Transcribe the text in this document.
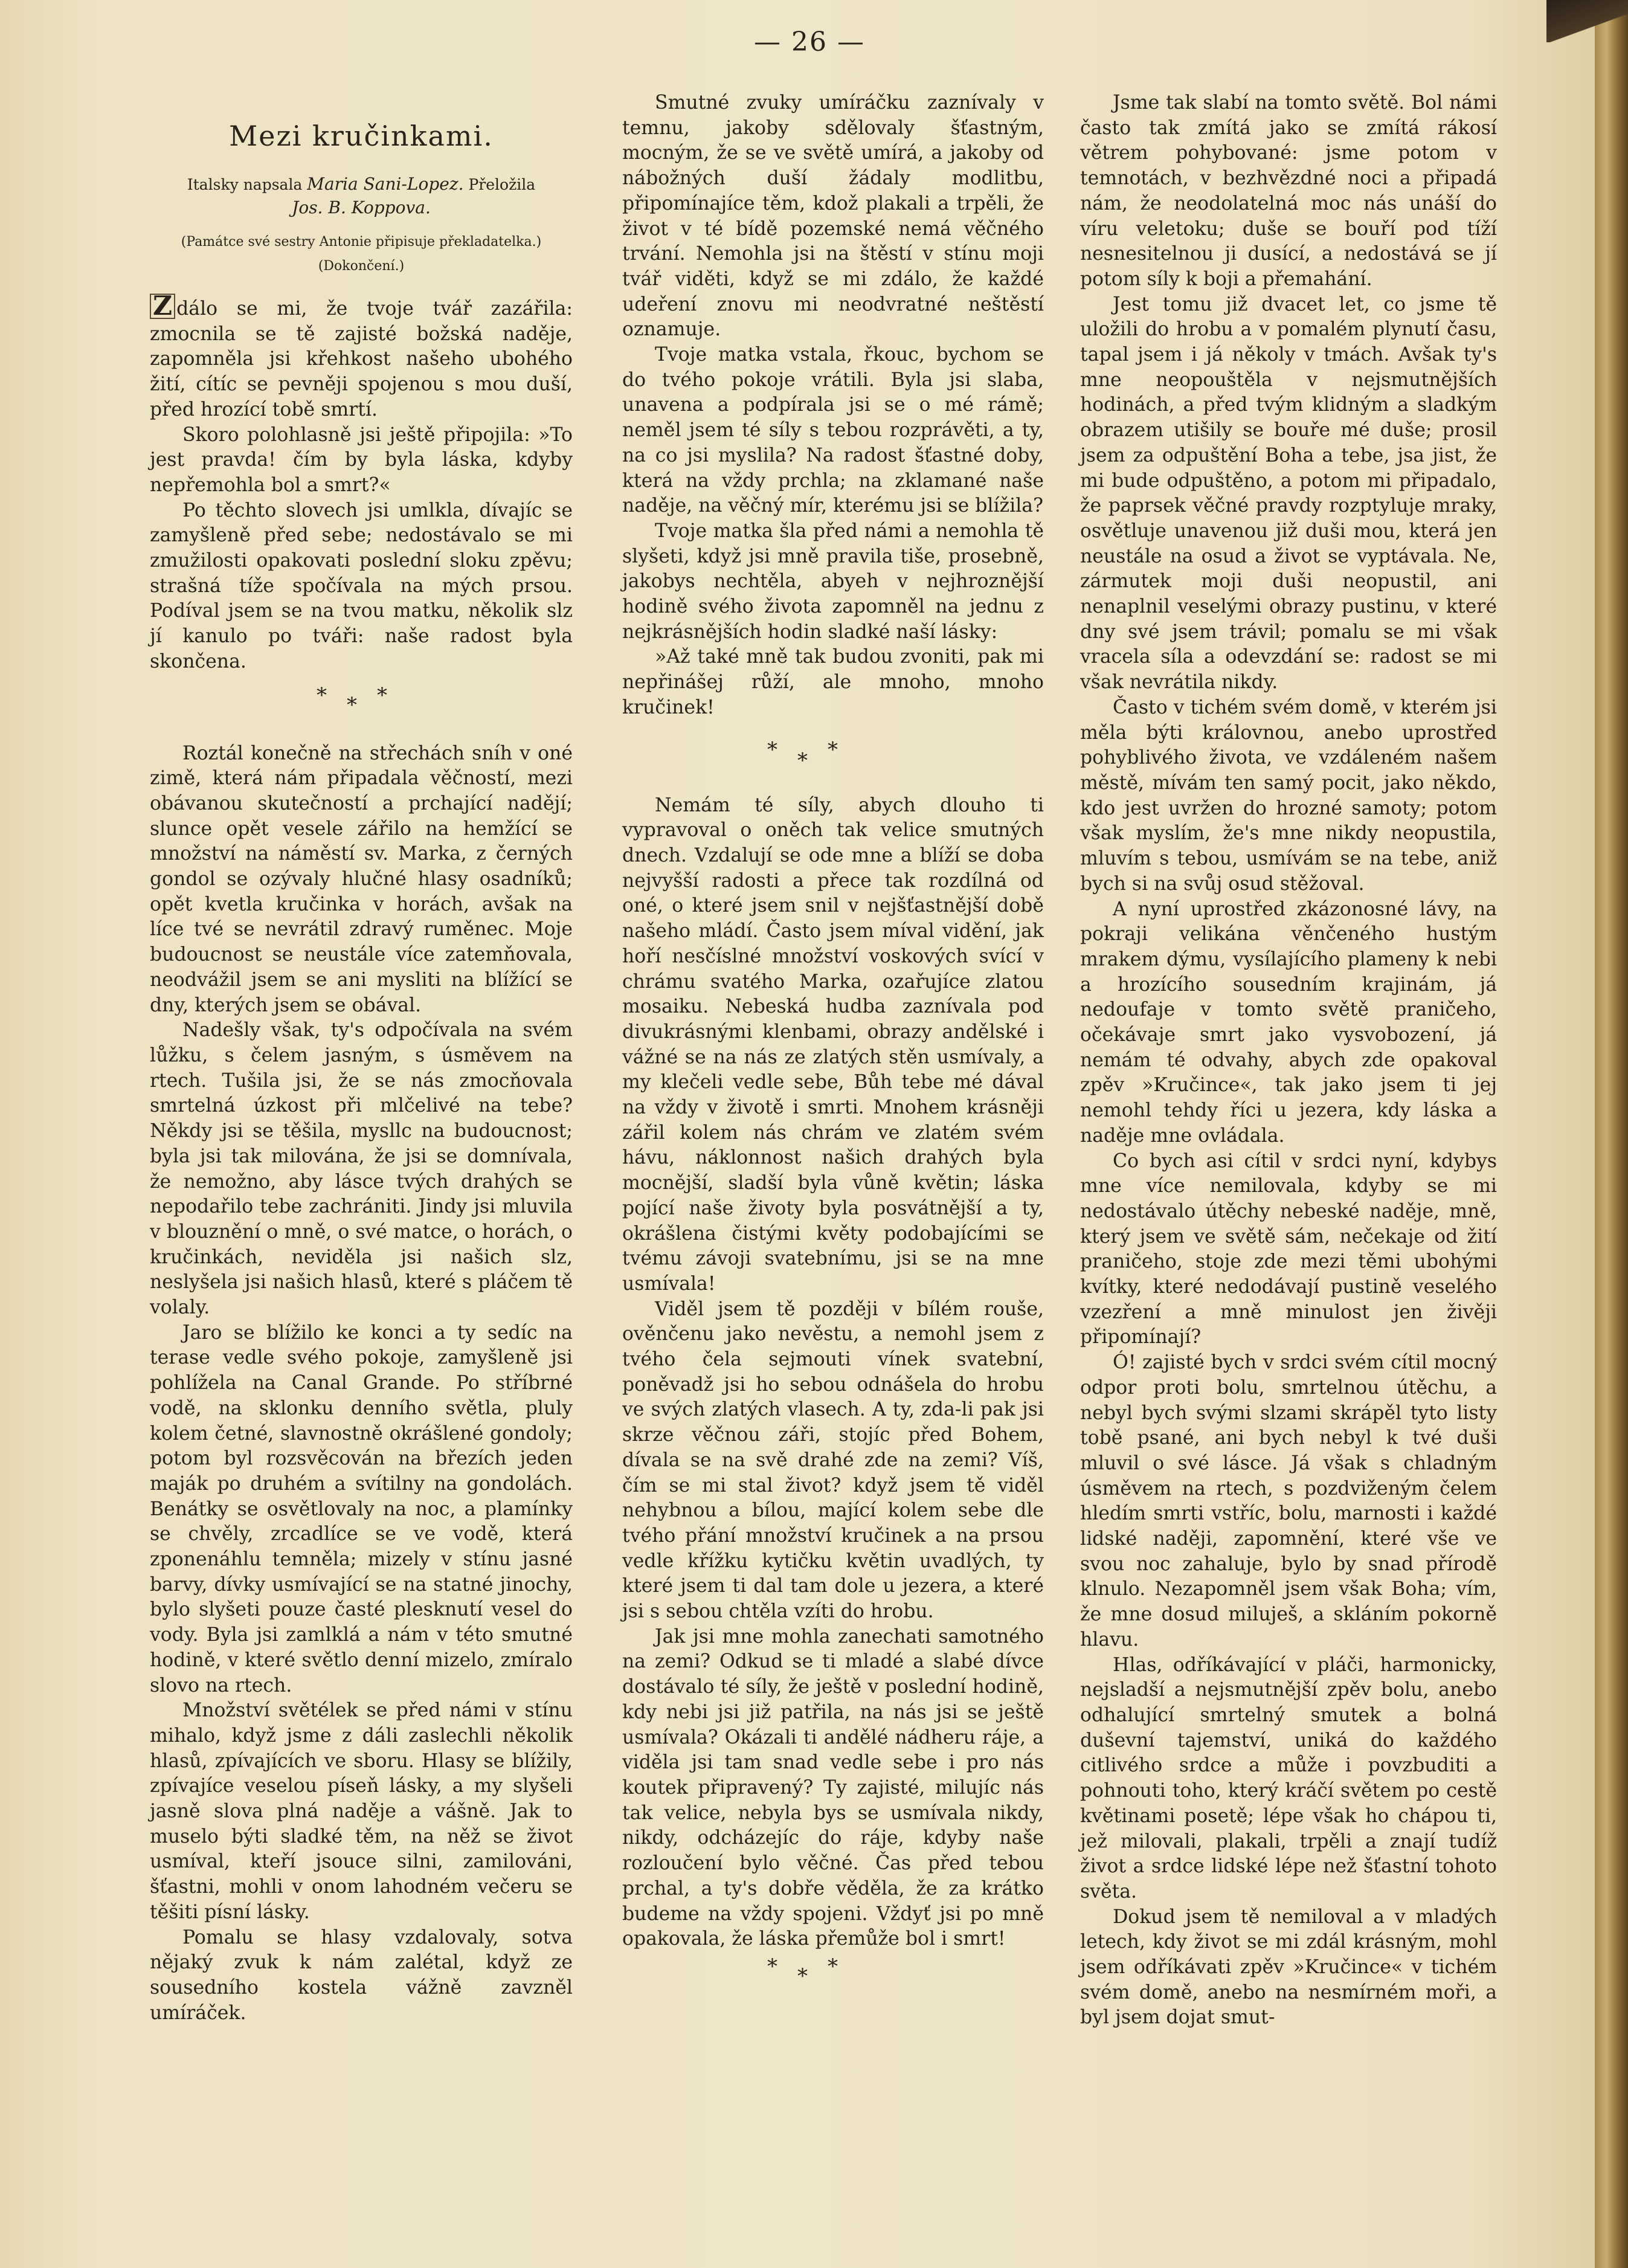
— 26 —
Mezi kručinkami.
Italsky napsala Maria Sani-Lopez. Přeložila
Jos. B. Koppova.
(Památce své sestry Antonie připisuje překladatelka.)
(Dokončení.)

Z dálo se mi, že tvoje tvář zazářila: zmocnila se tě zajisté božská naděje, zapomněla jsi křehkost našeho ubohého žití, cítíc se pevněji spojenou s mou duší, před hrozící tobě smrtí.

Skoro polohlasně jsi ještě připojila: »To jest pravda! čím by byla láska, kdyby nepřemohla bol a smrt?«

Po těchto slovech jsi umlkla, dívajíc se zamyšleně před sebe; nedostávalo se mi zmužilosti opakovati poslední sloku zpěvu; strašná tíže spočívala na mých prsou. Podíval jsem se na tvou matku, několik slz jí kanulo po tváři: naše radost byla skončena.

* * *

Roztál konečně na střechách sníh v oné zimě, která nám připadala věčností, mezi obávanou skutečností a prchající nadějí; slunce opět vesele zářilo na hemžící se množství na náměstí sv. Marka, z černých gondol se ozývaly hlučné hlasy osadníků; opět kvetla kručinka v horách, avšak na líce tvé se nevrátil zdravý ruměnec. Moje budoucnost se neustále více zatemňovala, neodvážil jsem se ani mysliti na blížící se dny, kterých jsem se obával.

Nadešly však, ty's odpočívala na svém lůžku, s čelem jasným, s úsměvem na rtech. Tušila jsi, že se nás zmocňovala smrtelná úzkost při mlčelivé na tebe? Někdy jsi se těšila, mysllc na budoucnost; byla jsi tak milována, že jsi se domnívala, že nemožno, aby lásce tvých drahých se nepodařilo tebe zachrániti. Jindy jsi mluvila v blouznění o mně, o své matce, o horách, o kručinkách, neviděla jsi našich slz, neslyšela jsi našich hlasů, které s pláčem tě volaly.

Jaro se blížilo ke konci a ty sedíc na terase vedle svého pokoje, zamyšleně jsi pohlížela na Canal Grande. Po stříbrné vodě, na sklonku denního světla, pluly kolem četné, slavnostně okrášlené gondoly; potom byl rozsvěcován na březích jeden maják po druhém a svítilny na gondolách. Benátky se osvětlovaly na noc, a plamínky se chvěly, zrcadlíce se ve vodě, která zponenáhlu temněla; mizely v stínu jasné barvy, dívky usmívající se na statné jinochy, bylo slyšeti pouze časté plesknutí vesel do vody. Byla jsi zamlklá a nám v této smutné hodině, v které světlo denní mizelo, zmíralo slovo na rtech.

Množství světélek se před námi v stínu mihalo, když jsme z dáli zaslechli několik hlasů, zpívajících ve sboru. Hlasy se blížily, zpívajíce veselou píseň lásky, a my slyšeli jasně slova plná naděje a vášně. Jak to muselo býti sladké těm, na něž se život usmíval, kteří jsouce silni, zamilováni, šťastni, mohli v onom lahodném večeru se těšiti písní lásky.

Pomalu se hlasy vzdalovaly, sotva nějaký zvuk k nám zalétal, když ze sousedního kostela vážně zavzněl umíráček.

Smutné zvuky umíráčku zaznívaly v temnu, jakoby sdělovaly šťastným, mocným, že se ve světě umírá, a jakoby od nábožných duší žádaly modlitbu, připomínajíce těm, kdož plakali a trpěli, že život v té bídě pozemské nemá věčného trvání. Nemohla jsi na štěstí v stínu moji tvář viděti, když se mi zdálo, že každé udeření znovu mi neodvratné neštěstí oznamuje.

Tvoje matka vstala, řkouc, bychom se do tvého pokoje vrátili. Byla jsi slaba, unavena a podpírala jsi se o mé rámě; neměl jsem té síly s tebou rozprávěti, a ty, na co jsi myslila? Na radost šťastné doby, která na vždy prchla; na zklamané naše naděje, na věčný mír, kterému jsi se blížila?

Tvoje matka šla před námi a nemohla tě slyšeti, když jsi mně pravila tiše, prosebně, jakobys nechtěla, abyeh v nejhroznější hodině svého života zapomněl na jednu z nejkrásnějších hodin sladké naší lásky:

»Až také mně tak budou zvoniti, pak mi nepřinášej růží, ale mnoho, mnoho kručinek!

* * *

Nemám té síly, abych dlouho ti vypravoval o oněch tak velice smutných dnech. Vzdalují se ode mne a blíží se doba nejvyšší radosti a přece tak rozdílná od oné, o které jsem snil v nejšťastnější době našeho mládí. Často jsem míval vidění, jak hoří nesčíslné množství voskových svící v chrámu svatého Marka, ozařujíce zlatou mosaiku. Nebeská hudba zaznívala pod divukrásnými klenbami, obrazy andělské i vážné se na nás ze zlatých stěn usmívaly, a my klečeli vedle sebe, Bůh tebe mé dával na vždy v životě i smrti. Mnohem krásněji zářil kolem nás chrám ve zlatém svém hávu, náklonnost našich drahých byla mocnější, sladší byla vůně květin; láska pojící naše životy byla posvátnější a ty, okrášlena čistými květy podobajícími se tvému závoji svatebnímu, jsi se na mne usmívala!

Viděl jsem tě později v bílém rouše, ověnčenu jako nevěstu, a nemohl jsem z tvého čela sejmouti vínek svatební, poněvadž jsi ho sebou odnášela do hrobu ve svých zlatých vlasech. A ty, zda-li pak jsi skrze věčnou záři, stojíc před Bohem, dívala se na svě drahé zde na zemi? Víš, čím se mi stal život? když jsem tě viděl nehybnou a bílou, mající kolem sebe dle tvého přání množství kručinek a na prsou vedle křížku kytičku květin uvadlých, ty které jsem ti dal tam dole u jezera, a které jsi s sebou chtěla vzíti do hrobu.

Jak jsi mne mohla zanechati samotného na zemi? Odkud se ti mladé a slabé dívce dostávalo té síly, že ještě v poslední hodině, kdy nebi jsi již patřila, na nás jsi se ještě usmívala? Okázali ti andělé nádheru ráje, a viděla jsi tam snad vedle sebe i pro nás koutek připravený? Ty zajisté, milujíc nás tak velice, nebyla bys se usmívala nikdy, nikdy, odcházejíc do ráje, kdyby naše rozloučení bylo věčné. Čas před tebou prchal, a ty's dobře věděla, že za krátko budeme na vždy spojeni. Vždyť jsi po mně opakovala, že láska přemůže bol i smrt!

* * *

Jsme tak slabí na tomto světě. Bol námi často tak zmítá jako se zmítá rákosí větrem pohybované: jsme potom v temnotách, v bezhvězdné noci a připadá nám, že neodolatelná moc nás unáší do víru veletoku; duše se bouří pod tíží nesnesitelnou ji dusící, a nedostává se jí potom síly k boji a přemahání.

Jest tomu již dvacet let, co jsme tě uložili do hrobu a v pomalém plynutí času, tapal jsem i já několy v tmách. Avšak ty's mne neopouštěla v nejsmutnějších hodinách, a před tvým klidným a sladkým obrazem utišily se bouře mé duše; prosil jsem za odpuštění Boha a tebe, jsa jist, že mi bude odpuštěno, a potom mi připadalo, že paprsek věčné pravdy rozptyluje mraky, osvětluje unavenou již duši mou, která jen neustále na osud a život se vyptávala. Ne, zármutek moji duši neopustil, ani nenaplnil veselými obrazy pustinu, v které dny své jsem trávil; pomalu se mi však vracela síla a odevzdání se: radost se mi však nevrátila nikdy.

Často v tichém svém domě, v kterém jsi měla býti královnou, anebo uprostřed pohyblivého života, ve vzdáleném našem městě, mívám ten samý pocit, jako někdo, kdo jest uvržen do hrozné samoty; potom však myslím, že's mne nikdy neopustila, mluvím s tebou, usmívám se na tebe, aniž bych si na svůj osud stěžoval.

A nyní uprostřed zkázonosné lávy, na pokraji velikána věnčeného hustým mrakem dýmu, vysílajícího plameny k nebi a hrozícího sousedním krajinám, já nedoufaje v tomto světě praničeho, očekávaje smrt jako vysvobození, já nemám té odvahy, abych zde opakoval zpěv »Kručince«, tak jako jsem ti jej nemohl tehdy říci u jezera, kdy láska a naděje mne ovládala.

Co bych asi cítil v srdci nyní, kdybys mne více nemilovala, kdyby se mi nedostávalo útěchy nebeské naděje, mně, který jsem ve světě sám, nečekaje od žití praničeho, stoje zde mezi těmi ubohými kvítky, které nedodávají pustině veselého vzezření a mně minulost jen živěji připomínají?

Ó! zajisté bych v srdci svém cítil mocný odpor proti bolu, smrtelnou útěchu, a nebyl bych svými slzami skrápěl tyto listy tobě psané, ani bych nebyl k tvé duši mluvil o své lásce. Já však s chladným úsměvem na rtech, s pozdviženým čelem hledím smrti vstříc, bolu, marnosti i každé lidské naději, zapomnění, které vše ve svou noc zahaluje, bylo by snad přírodě klnulo. Nezapomněl jsem však Boha; vím, že mne dosud miluješ, a skláním pokorně hlavu.

Hlas, odříkávající v pláči, harmonicky, nejsladší a nejsmutnější zpěv bolu, anebo odhalující smrtelný smutek a bolná duševní tajemství, uniká do každého citlivého srdce a může i povzbuditi a pohnouti toho, který kráčí světem po cestě květinami posetě; lépe však ho chápou ti, jež milovali, plakali, trpěli a znají tudíž život a srdce lidské lépe než šťastní tohoto světa.

Dokud jsem tě nemiloval a v mladých letech, kdy život se mi zdál krásným, mohl jsem odříkávati zpěv »Kručince« v tichém svém domě, anebo na nesmírném moři, a byl jsem dojat smut-
